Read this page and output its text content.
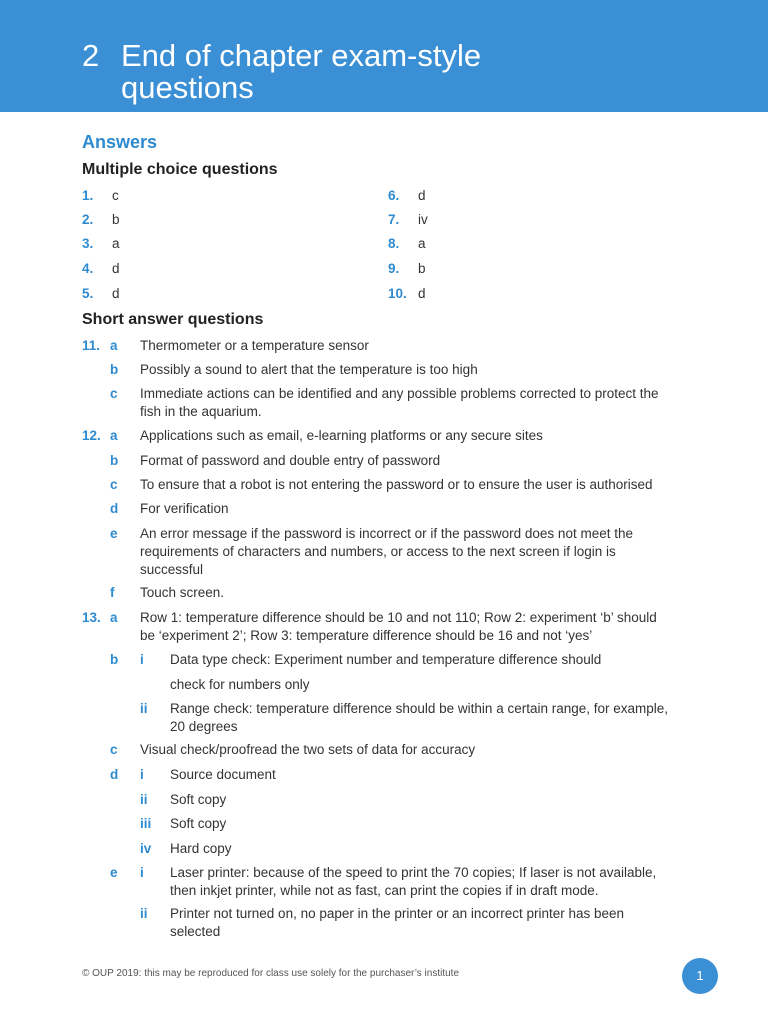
2 End of chapter exam-style
questions
Answers
Multiple choice questions
1. c
2. b
3. a
4. d
5. d
6. d
7. iv
8. a
9. b
10. d
Short answer questions
11. a Thermometer or a temperature sensor
b Possibly a sound to alert that the temperature is too high
c Immediate actions can be identified and any possible problems corrected to protect the
fish in the aquarium.
12. a Applications such as email, e-learning platforms or any secure sites
b Format of password and double entry of password
c To ensure that a robot is not entering the password or to ensure the user is authorised
d For verification
e An error message if the password is incorrect or if the password does not meet the
requirements of characters and numbers, or access to the next screen if login is
successful
f Touch screen.
13. a Row 1: temperature difference should be 10 and not 110; Row 2: experiment ‘b’ should
be ‘experiment 2’; Row 3: temperature difference should be 16 and not ‘yes’
b i Data type check: Experiment number and temperature difference should
check for numbers only
ii Range check: temperature difference should be within a certain range, for example,
20 degrees
c Visual check/proofread the two sets of data for accuracy
d i Source document
ii Soft copy
iii Soft copy
iv Hard copy
e i Laser printer: because of the speed to print the 70 copies; If laser is not available,
then inkjet printer, while not as fast, can print the copies if in draft mode.
ii Printer not turned on, no paper in the printer or an incorrect printer has been
selected
© OUP 2019: this may be reproduced for class use solely for the purchaser’s institute	1
